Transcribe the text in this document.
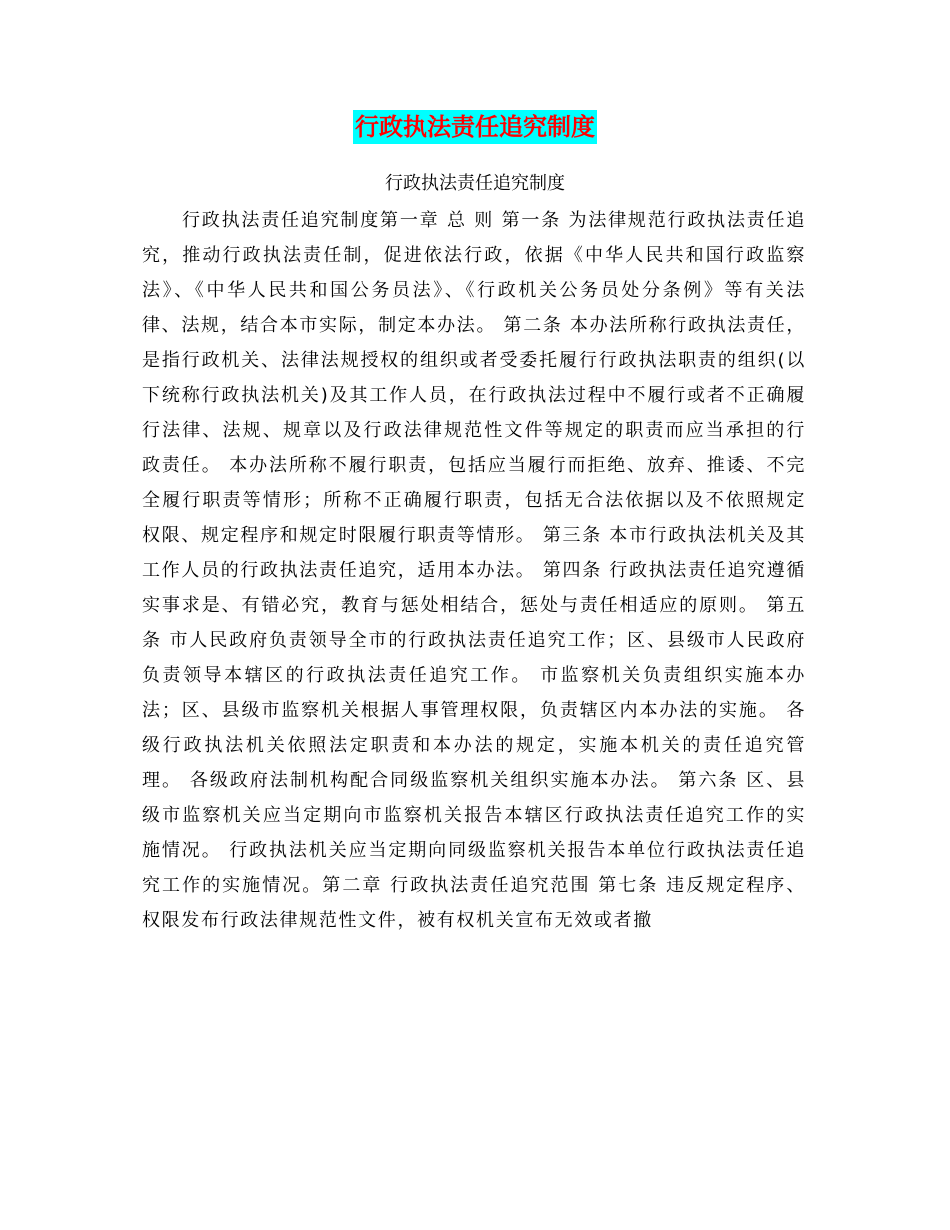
行政执法责任追究制度
行政执法责任追究制度

行政执法责任追究制度第一章 总 则 第一条 为法律规范行政执法责任追究，推动行政执法责任制，促进依法行政，依据《中华人民共和国行政监察法》、《中华人民共和国公务员法》、《行政机关公务员处分条例》等有关法律、法规，结合本市实际，制定本办法。 第二条 本办法所称行政执法责任，是指行政机关、法律法规授权的组织或者受委托履行行政执法职责的组织(以下统称行政执法机关)及其工作人员，在行政执法过程中不履行或者不正确履行法律、法规、规章以及行政法律规范性文件等规定的职责而应当承担的行政责任。 本办法所称不履行职责，包括应当履行而拒绝、放弃、推诿、不完全履行职责等情形；所称不正确履行职责，包括无合法依据以及不依照规定权限、规定程序和规定时限履行职责等情形。 第三条 本市行政执法机关及其工作人员的行政执法责任追究，适用本办法。 第四条 行政执法责任追究遵循实事求是、有错必究，教育与惩处相结合，惩处与责任相适应的原则。 第五条 市人民政府负责领导全市的行政执法责任追究工作；区、县级市人民政府负责领导本辖区的行政执法责任追究工作。 市监察机关负责组织实施本办法；区、县级市监察机关根据人事管理权限，负责辖区内本办法的实施。 各级行政执法机关依照法定职责和本办法的规定，实施本机关的责任追究管理。 各级政府法制机构配合同级监察机关组织实施本办法。 第六条 区、县级市监察机关应当定期向市监察机关报告本辖区行政执法责任追究工作的实施情况。 行政执法机关应当定期向同级监察机关报告本单位行政执法责任追究工作的实施情况。第二章 行政执法责任追究范围 第七条 违反规定程序、权限发布行政法律规范性文件，被有权机关宣布无效或者撤
